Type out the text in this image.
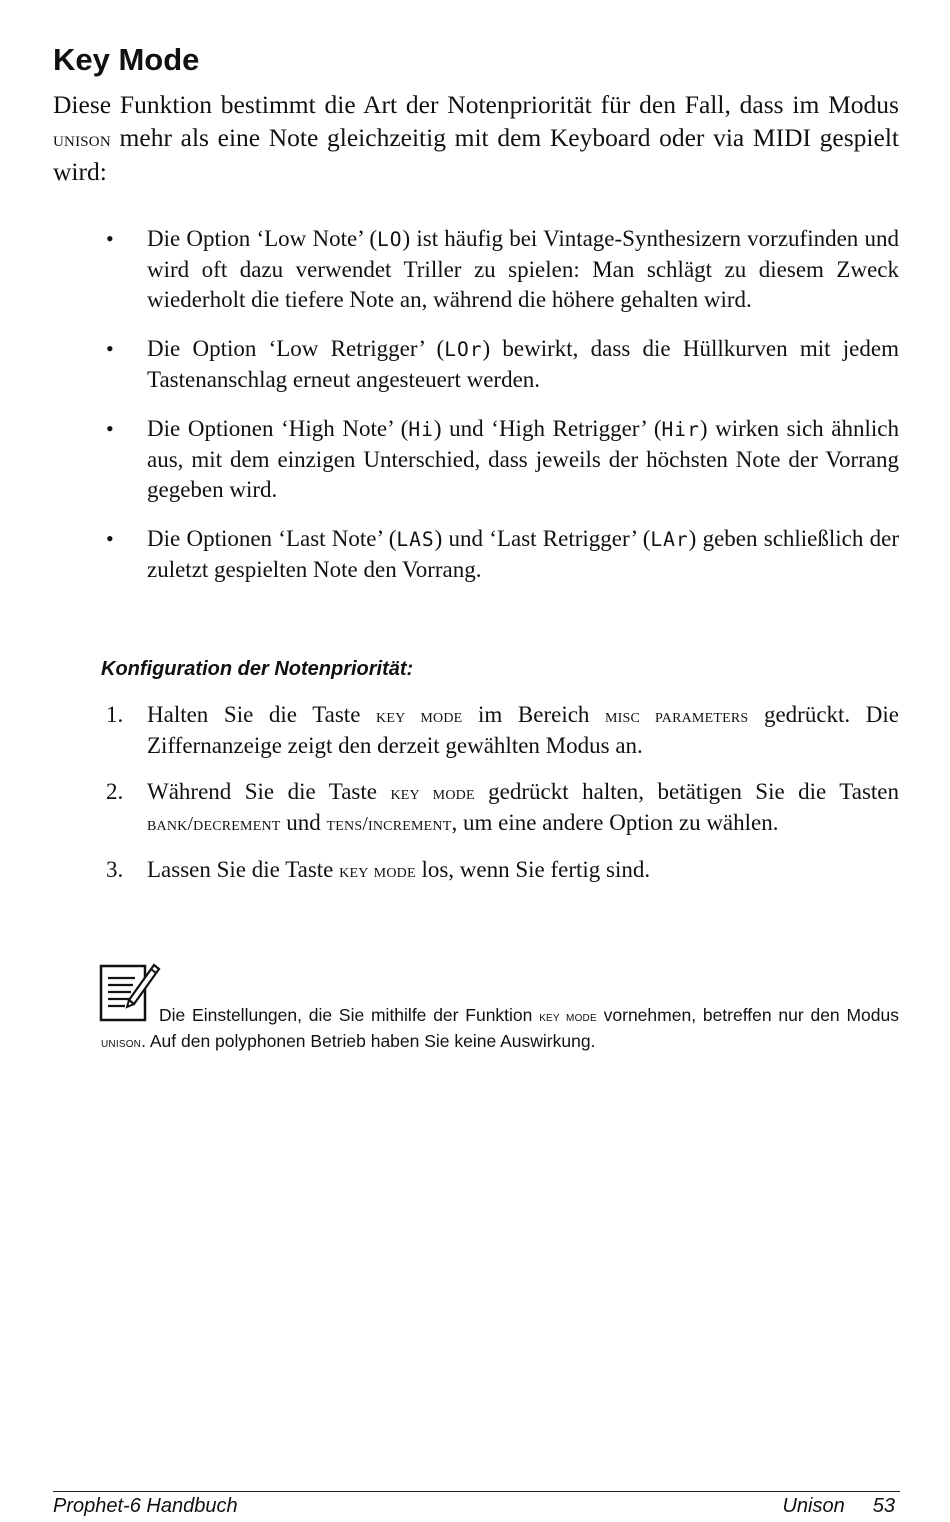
Key Mode

Diese Funktion bestimmt die Art der Notenpriorität für den Fall, dass im Modus unison mehr als eine Note gleichzeitig mit dem Keyboard oder via MIDI gespielt wird:

• Die Option ‘Low Note’ (LO) ist häufig bei Vintage-Synthesizern vorzufinden und wird oft dazu verwendet Triller zu spielen: Man schlägt zu diesem Zweck wiederholt die tiefere Note an, während die höhere gehalten wird.
• Die Option ‘Low Retrigger’ (LOr) bewirkt, dass die Hüllkurven mit jedem Tastenanschlag erneut angesteuert werden.
• Die Optionen ‘High Note’ (Hi) und ‘High Retrigger’ (Hir) wirken sich ähnlich aus, mit dem einzigen Unterschied, dass jeweils der höchsten Note der Vorrang gegeben wird.
• Die Optionen ‘Last Note’ (LAS) und ‘Last Retrigger’ (LAr) geben schließlich der zuletzt gespielten Note den Vorrang.
Konfiguration der Notenpriorität:
1. Halten Sie die Taste key mode im Bereich misc parameters gedrückt. Die Ziffernanzeige zeigt den derzeit gewählten Modus an.
2. Während Sie die Taste key mode gedrückt halten, betätigen Sie die Tasten bank/decrement und tens/increment, um eine andere Option zu wählen.
3. Lassen Sie die Taste key mode los, wenn Sie fertig sind.

Die Einstellungen, die Sie mithilfe der Funktion key mode vornehmen, betreffen nur den Modus unison. Auf den polyphonen Betrieb haben Sie keine Auswirkung.

Prophet-6 Handbuch	Unison 53
